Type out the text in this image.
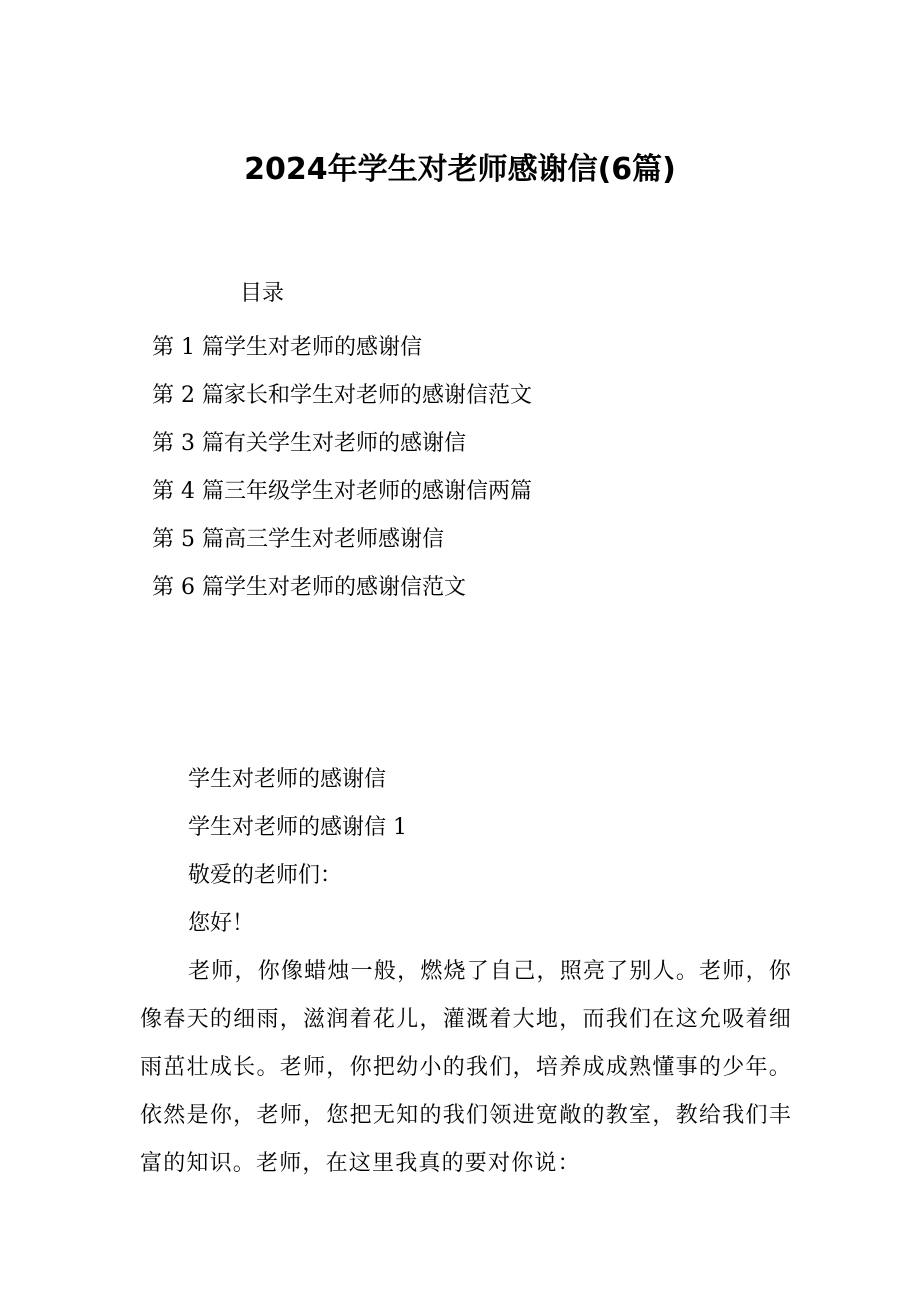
2024年学生对老师感谢信(6篇)
目录
第 1 篇学生对老师的感谢信
第 2 篇家长和学生对老师的感谢信范文
第 3 篇有关学生对老师的感谢信
第 4 篇三年级学生对老师的感谢信两篇
第 5 篇高三学生对老师感谢信
第 6 篇学生对老师的感谢信范文

学生对老师的感谢信

学生对老师的感谢信 1

敬爱的老师们：

您好！

老师，你像蜡烛一般，燃烧了自己，照亮了别人。老师，你像春天的细雨，滋润着花儿，灌溉着大地，而我们在这允吸着细雨茁壮成长。老师，你把幼小的我们，培养成成熟懂事的少年。依然是你，老师，您把无知的我们领进宽敞的教室，教给我们丰富的知识。老师，在这里我真的要对你说：
